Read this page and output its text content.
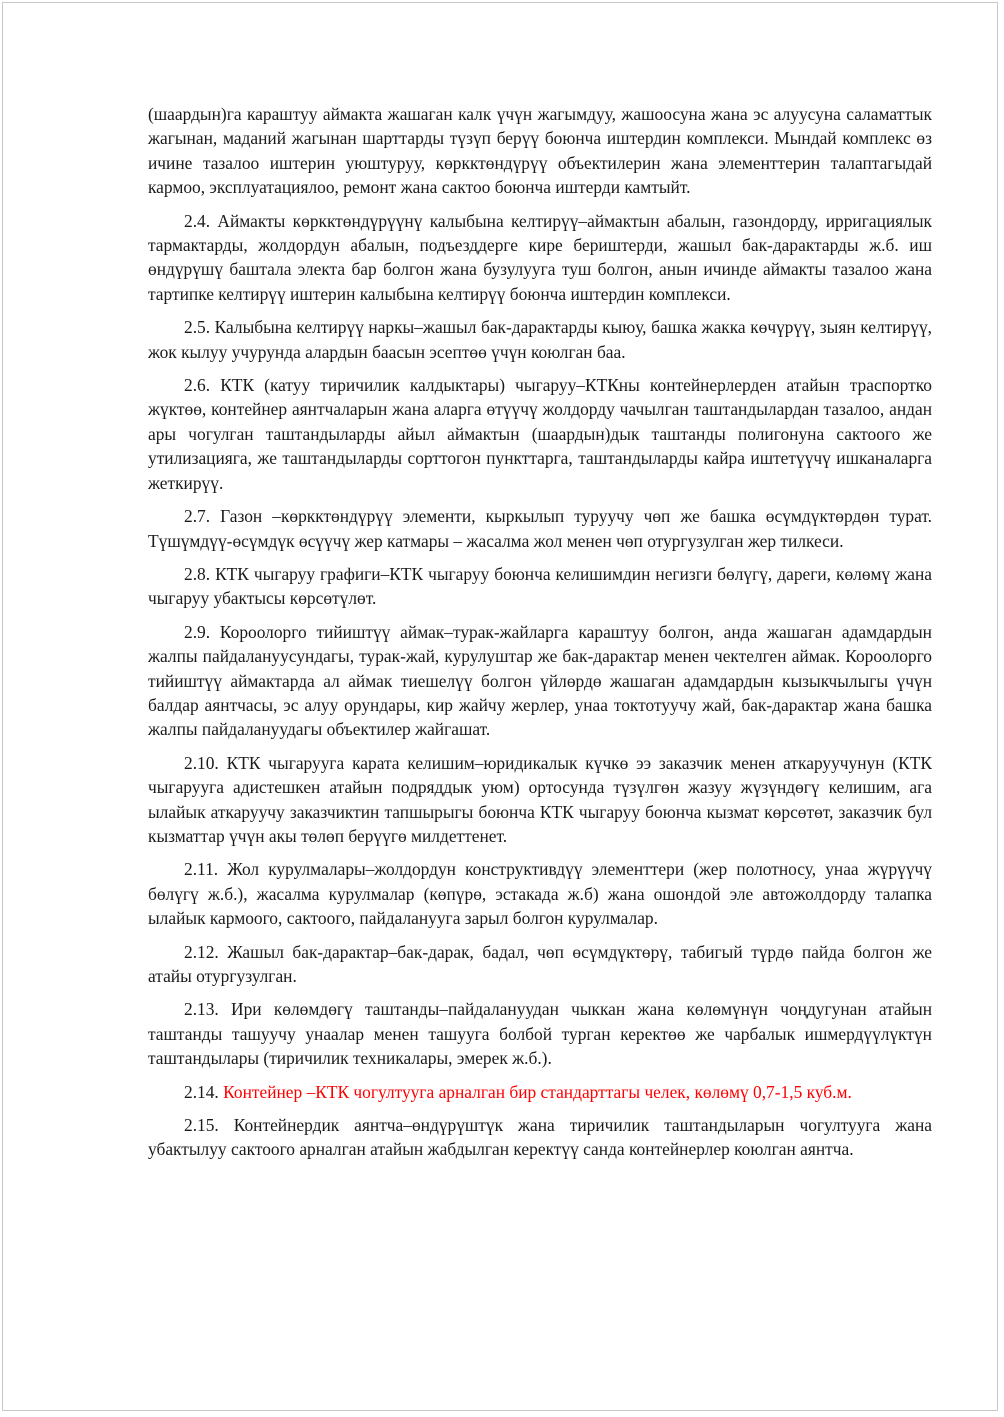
(шаардын)га караштуу аймакта жашаган калк үчүн жагымдуу, жашоосуна жана эс алуусуна саламаттык жагынан, маданий жагынан шарттарды түзүп берүү боюнча иштердин комплекси. Мындай комплекс өз ичине тазалоо иштерин уюштуруу, көркктөндүрүү объектилерин жана элементтерин талаптагыдай кармоо, эксплуатациялоо, ремонт жана сактоо боюнча иштерди камтыйт.

2.4. Аймакты көркктөндүрүүнү калыбына келтирүү–аймактын абалын, газондорду, ирригациялык тармактарды, жолдордун абалын, подъезддерге кире бериштерди, жашыл бак-дарактарды ж.б. иш өндүрүшү баштала электа бар болгон жана бузулууга туш болгон, анын ичинде аймакты тазалоо жана тартипке келтирүү иштерин калыбына келтирүү боюнча иштердин комплекси.

2.5. Калыбына келтирүү наркы–жашыл бак-дарактарды кыюу, башка жакка көчүрүү, зыян келтирүү, жок кылуу учурунда алардын баасын эсептөө үчүн коюлган баа.

2.6. КТК (катуу тиричилик калдыктары) чыгаруу–КТКны контейнерлерден атайын траспортко жүктөө, контейнер аянтчаларын жана аларга өтүүчү жолдорду чачылган таштандылардан тазалоо, андан ары чогулган таштандыларды айыл аймактын (шаардын)дык таштанды полигонуна сактоого же утилизацияга, же таштандыларды сорттогон пункттарга, таштандыларды кайра иштетүүчү ишканаларга жеткирүү.

2.7. Газон –көркктөндүрүү элементи, кыркылып туруучу чөп же башка өсүмдүктөрдөн турат. Түшүмдүү-өсүмдүк өсүүчү жер катмары – жасалма жол менен чөп отургузулган жер тилкеси.

2.8. КТК чыгаруу графиги–КТК чыгаруу боюнча келишимдин негизги бөлүгү, дареги, көлөмү жана чыгаруу убактысы көрсөтүлөт.

2.9. Короолорго тийиштүү аймак–турак-жайларга караштуу болгон, анда жашаган адамдардын жалпы пайдалануусундагы, турак-жай, курулуштар же бак-дарактар менен чектелген аймак. Короолорго тийиштүү аймактарда ал аймак тиешелүү болгон үйлөрдө жашаган адамдардын кызыкчылыгы үчүн балдар аянтчасы, эс алуу орундары, кир жайчу жерлер, унаа токтотуучу жай, бак-дарактар жана башка жалпы пайдалануудагы объектилер жайгашат.

2.10. КТК чыгарууга карата келишим–юридикалык күчкө ээ заказчик менен аткаруучунун (КТК чыгарууга адистешкен атайын подряддык уюм) ортосунда түзүлгөн жазуу жүзүндөгү келишим, ага ылайык аткаруучу заказчиктин тапшырыгы боюнча КТК чыгаруу боюнча кызмат көрсөтөт, заказчик бул кызматтар үчүн акы төлөп берүүгө милдеттенет.

2.11. Жол курулмалары–жолдордун конструктивдүү элементтери (жер полотносу, унаа жүрүүчү бөлүгү ж.б.), жасалма курулмалар (көпүрө, эстакада ж.б) жана ошондой эле автожолдорду талапка ылайык кармоого, сактоого, пайдаланууга зарыл болгон курулмалар.

2.12. Жашыл бак-дарактар–бак-дарак, бадал, чөп өсүмдүктөрү, табигый түрдө пайда болгон же атайы отургузулган.

2.13. Ири көлөмдөгү таштанды–пайдалануудан чыккан жана көлөмүнүн чоңдугунан атайын таштанды ташуучу унаалар менен ташууга болбой турган керектөө же чарбалык ишмердүүлүктүн таштандылары (тиричилик техникалары, эмерек ж.б.).

2.14. Контейнер –КТК чогултууга арналган бир стандарттагы челек, көлөмү 0,7-1,5 куб.м.

2.15. Контейнердик аянтча–өндүрүштүк жана тиричилик таштандыларын чогултууга жана убактылуу сактоого арналган атайын жабдылган керектүү санда контейнерлер коюлган аянтча.
